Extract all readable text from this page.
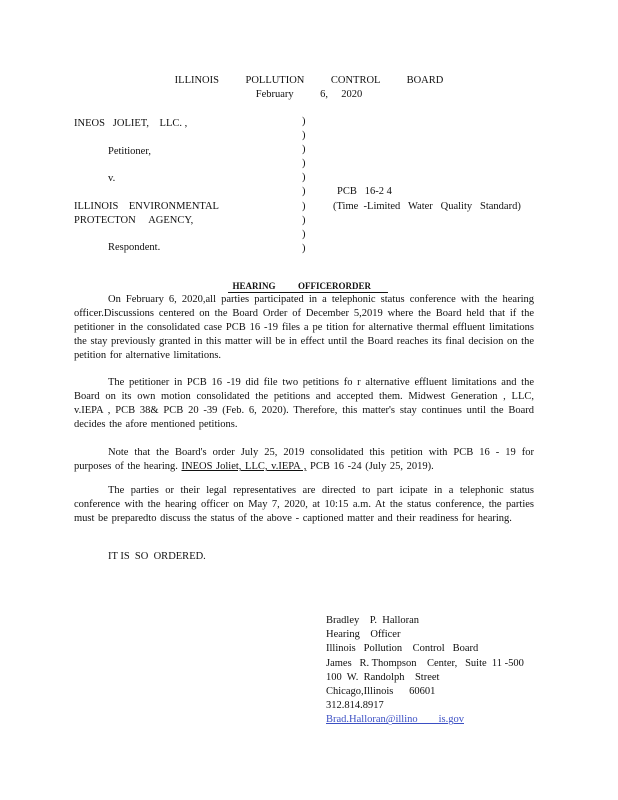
ILLINOIS    POLLUTION    CONTROL    BOARD
February    6,  2020
INEOS   JOLIET,    LLC. ,
Petitioner,
v.
ILLINOIS    ENVIRONMENTAL
PROTECTON     AGENCY,
Respondent.
)
)
)
)
)
)
)
)
)
)
PCB   16-2 4
(Time  -Limited   Water   Quality   Standard)

HEARING          OFFICERORDER

On February 6, 2020,all parties participated in a telephonic status conference with the hearing officer.Discussions centered on the Board Order of December 5,2019 where the Board held that if the petitioner in the consolidated case PCB 16 -19 files a pe tition for alternative thermal effluent limitations the stay previously granted in this matter will be in effect until the Board reaches its final decision on the petition for alternative limitations.
The petitioner in PCB 16 -19 did file two petitions fo r alternative effluent limitations and the Board on its own motion consolidated the petitions and accepted them. Midwest Generation , LLC, v.IEPA , PCB 38& PCB 20 -39 (Feb. 6, 2020). Therefore, this matter's stay continues until the Board decides the afore mentioned petitions.
Note that the Board's order July 25, 2019 consolidated this petition with PCB 16 - 19 for purposes of the hearing. INEOS Joliet, LLC, v.IEPA , PCB 16 -24 (July 25, 2019).
The parties or their legal representatives are directed to part icipate in a telephonic status conference with the hearing officer on May 7, 2020, at 10:15 a.m. At the status conference, the parties must be preparedto discuss the status of the above - captioned matter and their readiness for hearing.
IT IS  SO  ORDERED.
Bradley    P.  Halloran
Hearing    Officer
Illinois   Pollution    Control   Board
James   R. Thompson    Center,   Suite  11 -500
100  W.  Randolph    Street
Chicago,Illinois      60601
312.814.8917
Brad.Halloran@illino        is.gov
